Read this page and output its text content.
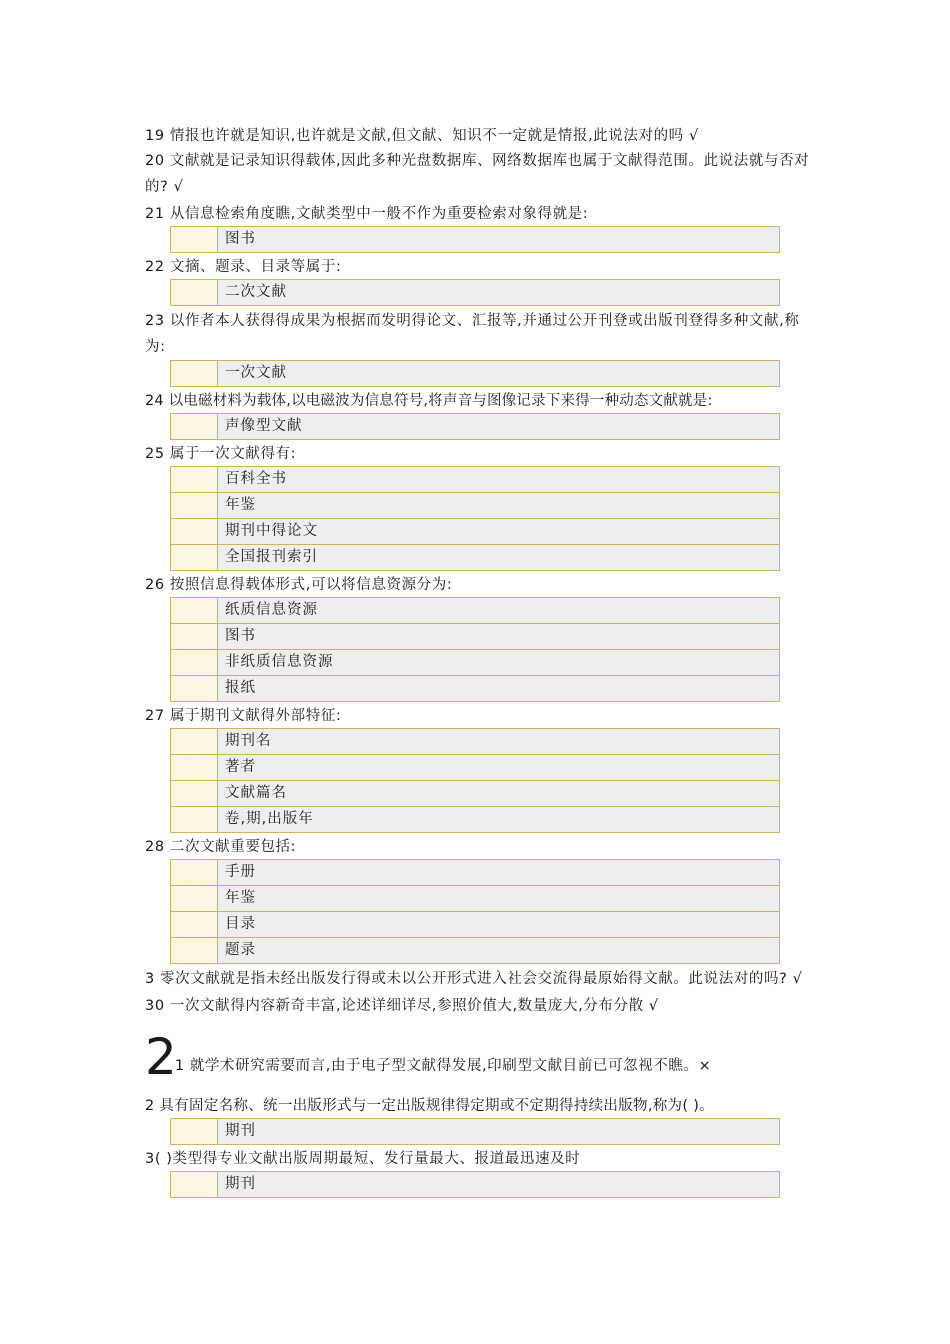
19 情报也许就是知识,也许就是文献,但文献、知识不一定就是情报,此说法对的吗 √

20 文献就是记录知识得载体,因此多种光盘数据库、网络数据库也属于文献得范围。此说法就与否对的? √

21 从信息检索角度瞧,文献类型中一般不作为重要检索对象得就是:

图书

22 文摘、题录、目录等属于:

二次文献

23 以作者本人获得得成果为根据而发明得论文、汇报等,并通过公开刊登或出版刊登得多种文献,称为:

一次文献

24 以电磁材料为载体,以电磁波为信息符号,将声音与图像记录下来得一种动态文献就是:

声像型文献

25 属于一次文献得有:

百科全书
年鉴
期刊中得论文
全国报刊索引

26 按照信息得载体形式,可以将信息资源分为:

纸质信息资源
图书
非纸质信息资源
报纸

27 属于期刊文献得外部特征:

期刊名
著者
文献篇名
卷,期,出版年

28 二次文献重要包括:

手册
年鉴
目录
题录

3 零次文献就是指未经出版发行得或未以公开形式进入社会交流得最原始得文献。此说法对的吗? √

30 一次文献得内容新奇丰富,论述详细详尽,参照价值大,数量庞大,分布分散 √

2 1 就学术研究需要而言,由于电子型文献得发展,印刷型文献目前已可忽视不瞧。×

2 具有固定名称、统一出版形式与一定出版规律得定期或不定期得持续出版物,称为( )。

期刊

3( )类型得专业文献出版周期最短、发行量最大、报道最迅速及时

期刊
